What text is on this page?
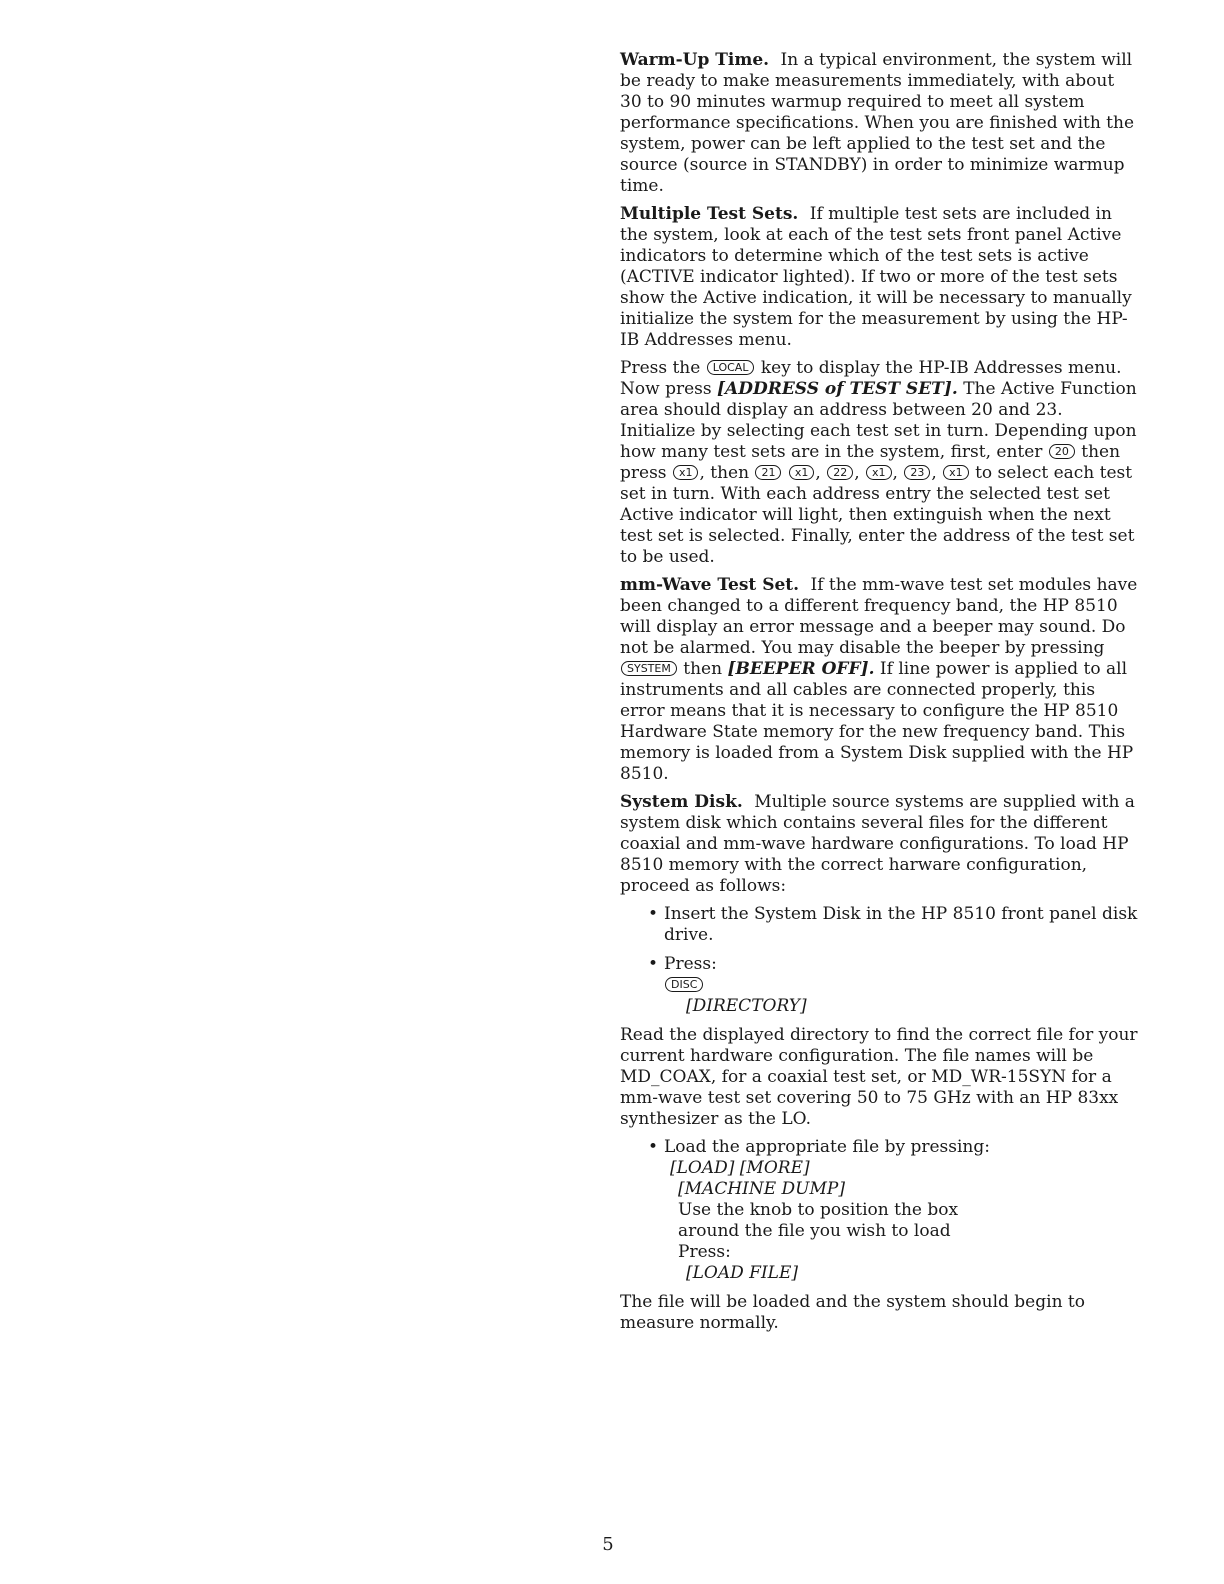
Warm-Up Time. In a typical environment, the system will be ready to make measurements immediately, with about 30 to 90 minutes warmup required to meet all system performance specifications. When you are finished with the system, power can be left applied to the test set and the source (source in STANDBY) in order to minimize warmup time.

Multiple Test Sets. If multiple test sets are included in the system, look at each of the test sets front panel Active indicators to determine which of the test sets is active (ACTIVE indicator lighted). If two or more of the test sets show the Active indication, it will be necessary to manually initialize the system for the measurement by using the HP-IB Addresses menu.

Press the LOCAL key to display the HP-IB Addresses menu. Now press [ADDRESS of TEST SET]. The Active Function area should display an address between 20 and 23. Initialize by selecting each test set in turn. Depending upon how many test sets are in the system, first, enter 20 then press x1 , then 21 x1 , 22 , x1 , 23 , x1 to select each test set in turn. With each address entry the selected test set Active indicator will light, then extinguish when the next test set is selected. Finally, enter the address of the test set to be used.

mm-Wave Test Set. If the mm-wave test set modules have been changed to a different frequency band, the HP 8510 will display an error message and a beeper may sound. Do not be alarmed. You may disable the beeper by pressing SYSTEM then [BEEPER OFF]. If line power is applied to all instruments and all cables are connected properly, this error means that it is necessary to configure the HP 8510 Hardware State memory for the new frequency band. This memory is loaded from a System Disk supplied with the HP 8510.

System Disk. Multiple source systems are supplied with a system disk which contains several files for the different coaxial and mm-wave hardware configurations. To load HP 8510 memory with the correct harware configuration, proceed as follows:

• Insert the System Disk in the HP 8510 front panel disk drive.
• Press:
DISC
[DIRECTORY]

Read the displayed directory to find the correct file for your current hardware configuration. The file names will be MD_COAX, for a coaxial test set, or MD_WR-15SYN for a mm-wave test set covering 50 to 75 GHz with an HP 83xx synthesizer as the LO.

• Load the appropriate file by pressing:
[LOAD] [MORE]
[MACHINE DUMP]
Use the knob to position the box
around the file you wish to load
Press:
[LOAD FILE]

The file will be loaded and the system should begin to measure normally.

5
